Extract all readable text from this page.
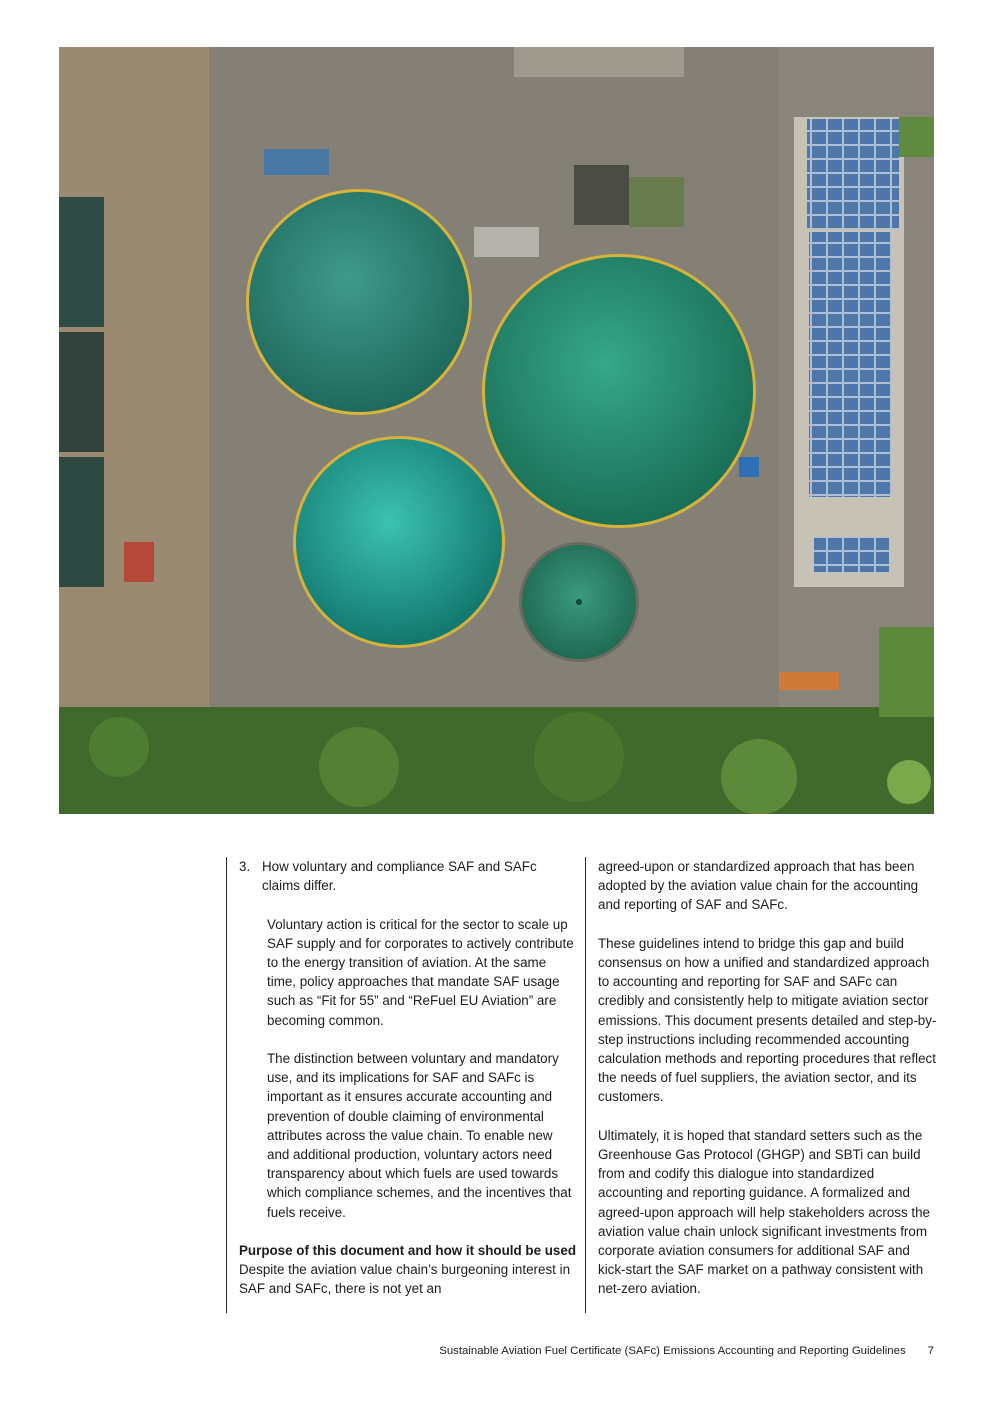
3. How voluntary and compliance SAF and SAFc claims differ.

Voluntary action is critical for the sector to scale up SAF supply and for corporates to actively contribute to the energy transition of aviation. At the same time, policy approaches that mandate SAF usage such as “Fit for 55” and “ReFuel EU Aviation” are becoming common.

The distinction between voluntary and mandatory use, and its implications for SAF and SAFc is important as it ensures accurate accounting and prevention of double claiming of environmental attributes across the value chain. To enable new and additional production, voluntary actors need transparency about which fuels are used towards which compliance schemes, and the incentives that fuels receive.

Purpose of this document and how it should be used

Despite the aviation value chain’s burgeoning interest in SAF and SAFc, there is not yet an

agreed-upon or standardized approach that has been adopted by the aviation value chain for the accounting and reporting of SAF and SAFc.

These guidelines intend to bridge this gap and build consensus on how a unified and standardized approach to accounting and reporting for SAF and SAFc can credibly and consistently help to mitigate aviation sector emissions. This document presents detailed and step-by-step instructions including recommended accounting calculation methods and reporting procedures that reflect the needs of fuel suppliers, the aviation sector, and its customers.

Ultimately, it is hoped that standard setters such as the Greenhouse Gas Protocol (GHGP) and SBTi can build from and codify this dialogue into standardized accounting and reporting guidance. A formalized and agreed-upon approach will help stakeholders across the aviation value chain unlock significant investments from corporate aviation consumers for additional SAF and kick-start the SAF market on a pathway consistent with net-zero aviation.

Sustainable Aviation Fuel Certificate (SAFc) Emissions Accounting and Reporting Guidelines 7
